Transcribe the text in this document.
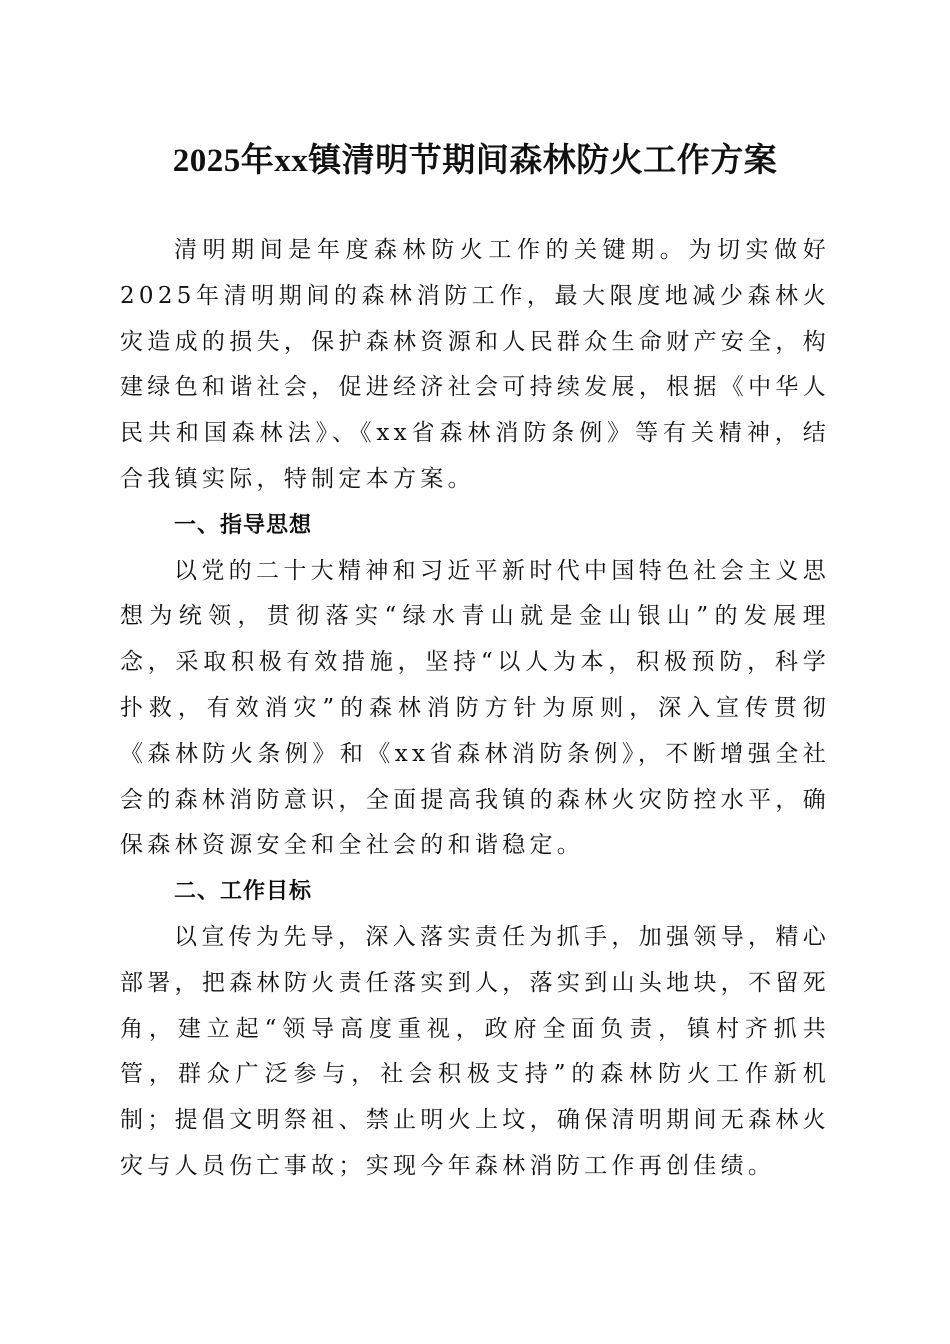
2025年xx镇清明节期间森林防火工作方案

清明期间是年度森林防火工作的关键期。为切实做好2025年清明期间的森林消防工作，最大限度地减少森林火灾造成的损失，保护森林资源和人民群众生命财产安全，构建绿色和谐社会，促进经济社会可持续发展，根据《中华人民共和国森林法》、《xx省森林消防条例》等有关精神，结合我镇实际，特制定本方案。

一、指导思想

以党的二十大精神和习近平新时代中国特色社会主义思想为统领，贯彻落实“绿水青山就是金山银山”的发展理念，采取积极有效措施，坚持“以人为本，积极预防，科学扑救，有效消灾”的森林消防方针为原则，深入宣传贯彻《森林防火条例》和《xx省森林消防条例》，不断增强全社会的森林消防意识，全面提高我镇的森林火灾防控水平，确保森林资源安全和全社会的和谐稳定。

二、工作目标

以宣传为先导，深入落实责任为抓手，加强领导，精心部署，把森林防火责任落实到人，落实到山头地块，不留死角，建立起“领导高度重视，政府全面负责，镇村齐抓共管，群众广泛参与，社会积极支持”的森林防火工作新机制；提倡文明祭祖、禁止明火上坟，确保清明期间无森林火灾与人员伤亡事故；实现今年森林消防工作再创佳绩。
